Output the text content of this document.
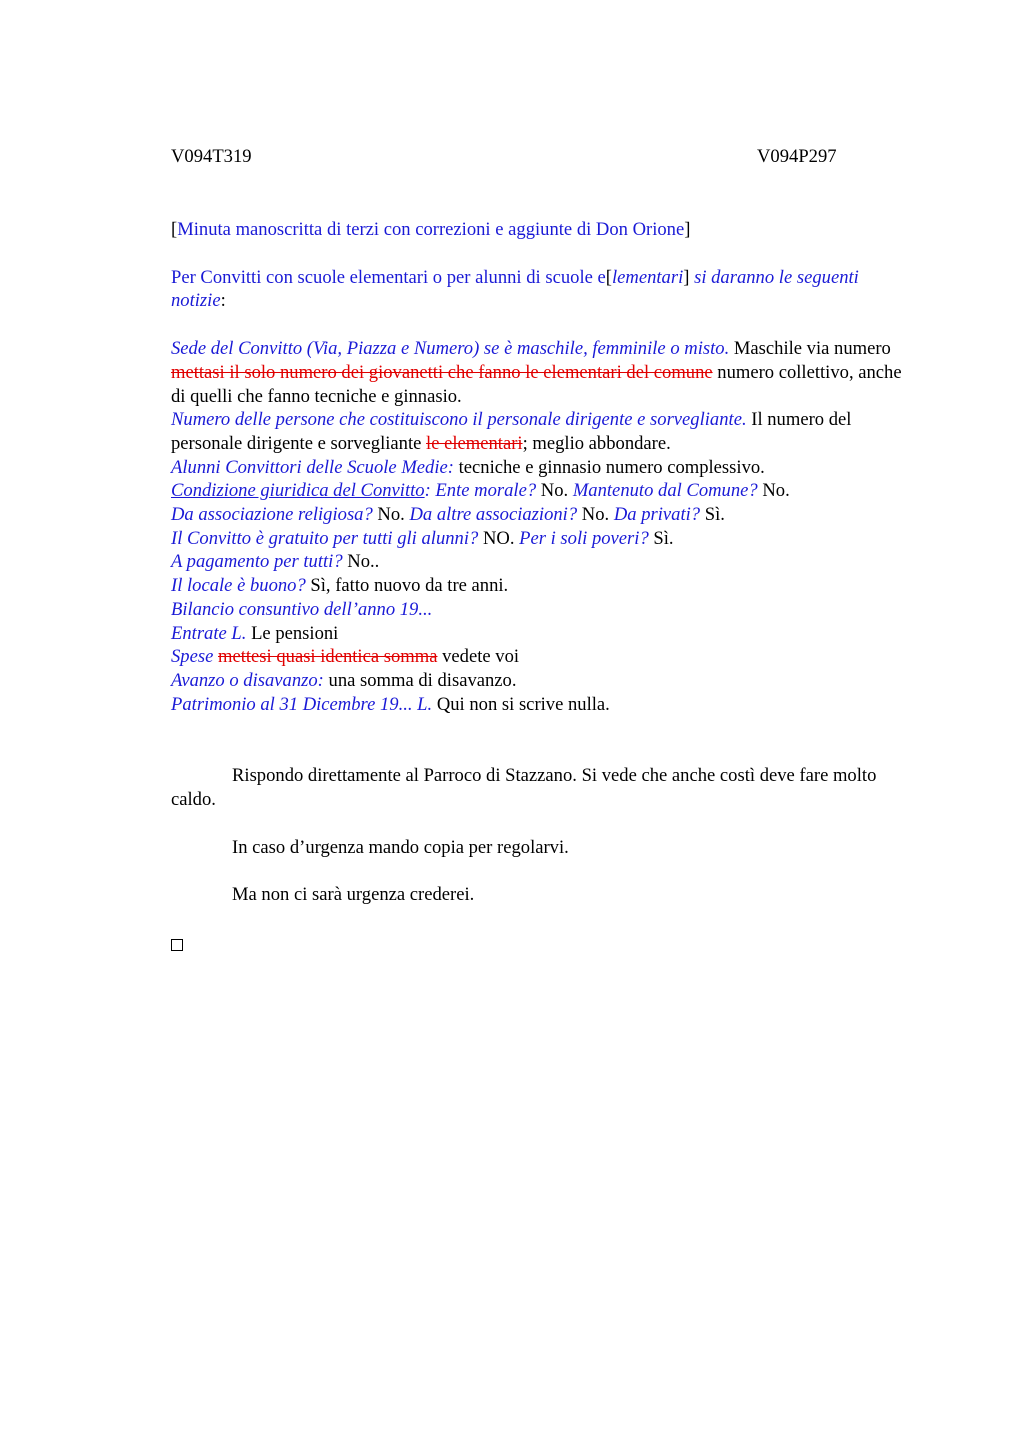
V094T319	V094P297

[Minuta manoscritta di terzi con correzioni e aggiunte di Don Orione]

Per Convitti con scuole elementari o per alunni di scuole e[lementari] si daranno le seguenti notizie:

Sede del Convitto (Via, Piazza e Numero) se è maschile, femminile o misto. Maschile via numero mettasi il solo numero dei giovanetti che fanno le elementari del comune numero collettivo, anche di quelli che fanno tecniche e ginnasio.

Numero delle persone che costituiscono il personale dirigente e sorvegliante. Il numero del personale dirigente e sorvegliante le elementari; meglio abbondare.

Alunni Convittori delle Scuole Medie: tecniche e ginnasio numero complessivo.

Condizione giuridica del Convitto: Ente morale? No. Mantenuto dal Comune? No.

Da associazione religiosa? No. Da altre associazioni? No. Da privati? Sì.

Il Convitto è gratuito per tutti gli alunni? NO. Per i soli poveri? Sì.

A pagamento per tutti? No..

Il locale è buono? Sì, fatto nuovo da tre anni.

Bilancio consuntivo dell’anno 19...

Entrate L. Le pensioni

Spese mettesi quasi identica somma vedete voi

Avanzo o disavanzo: una somma di disavanzo.

Patrimonio al 31 Dicembre 19... L. Qui non si scrive nulla.

Rispondo direttamente al Parroco di Stazzano. Si vede che anche costì deve fare molto caldo.

In caso d’urgenza mando copia per regolarvi.

Ma non ci sarà urgenza crederei.
